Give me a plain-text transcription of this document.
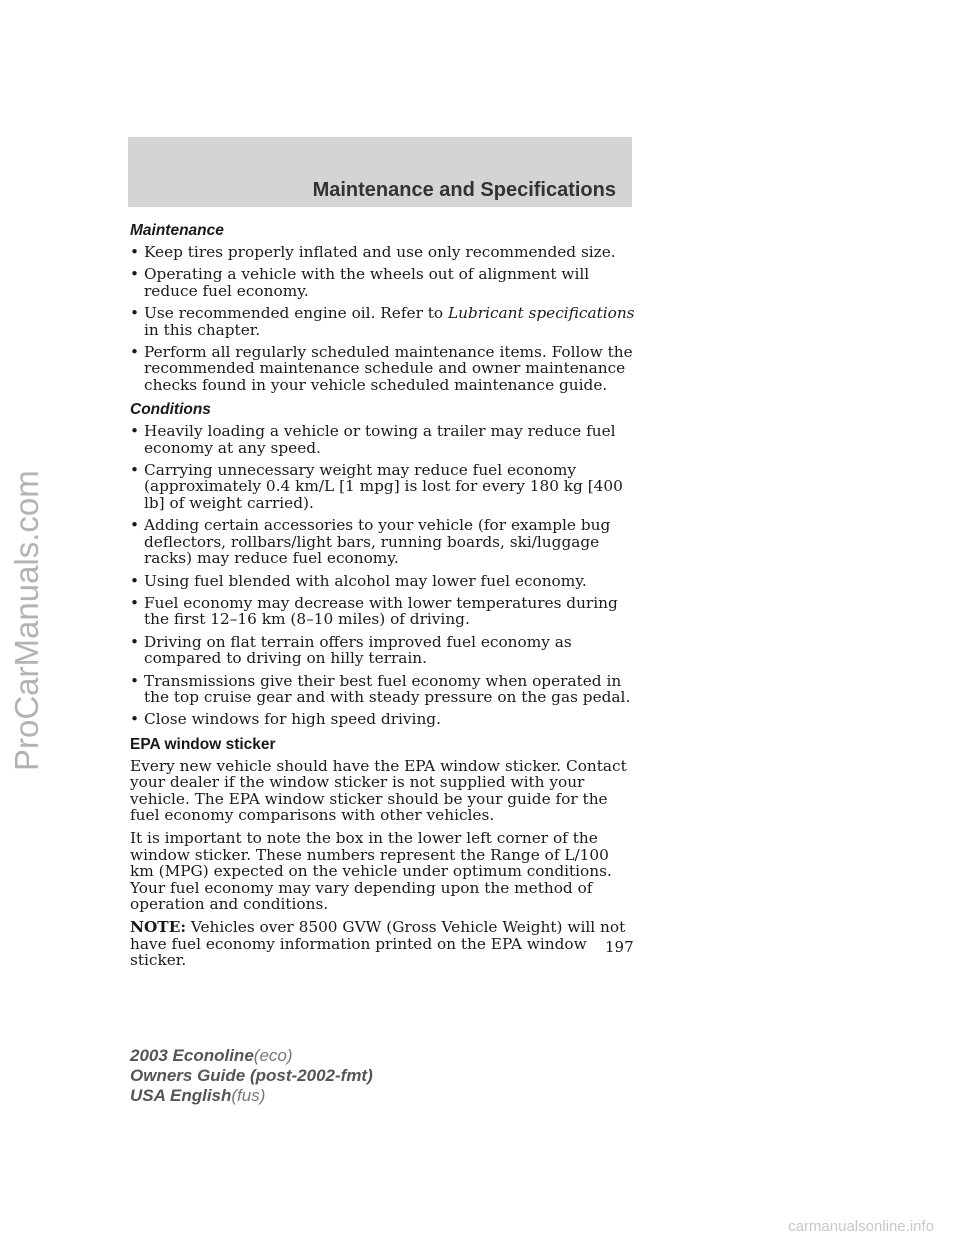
Maintenance and Specifications
Maintenance
• Keep tires properly inflated and use only recommended size.
• Operating a vehicle with the wheels out of alignment will reduce fuel economy.
• Use recommended engine oil. Refer to Lubricant specifications in this chapter.
• Perform all regularly scheduled maintenance items. Follow the recommended maintenance schedule and owner maintenance checks found in your vehicle scheduled maintenance guide.
Conditions
• Heavily loading a vehicle or towing a trailer may reduce fuel economy at any speed.
• Carrying unnecessary weight may reduce fuel economy (approximately 0.4 km/L [1 mpg] is lost for every 180 kg [400 lb] of weight carried).
• Adding certain accessories to your vehicle (for example bug deflectors, rollbars/light bars, running boards, ski/luggage racks) may reduce fuel economy.
• Using fuel blended with alcohol may lower fuel economy.
• Fuel economy may decrease with lower temperatures during the first 12–16 km (8–10 miles) of driving.
• Driving on flat terrain offers improved fuel economy as compared to driving on hilly terrain.
• Transmissions give their best fuel economy when operated in the top cruise gear and with steady pressure on the gas pedal.
• Close windows for high speed driving.
EPA window sticker

Every new vehicle should have the EPA window sticker. Contact your dealer if the window sticker is not supplied with your vehicle. The EPA window sticker should be your guide for the fuel economy comparisons with other vehicles.

It is important to note the box in the lower left corner of the window sticker. These numbers represent the Range of L/100 km (MPG) expected on the vehicle under optimum conditions. Your fuel economy may vary depending upon the method of operation and conditions.

NOTE: Vehicles over 8500 GVW (Gross Vehicle Weight) will not have fuel economy information printed on the EPA window sticker.

197
2003 Econoline(eco)
Owners Guide (post-2002-fmt)
USA English(fus)
ProCarManuals.com
carmanualsonline.info
